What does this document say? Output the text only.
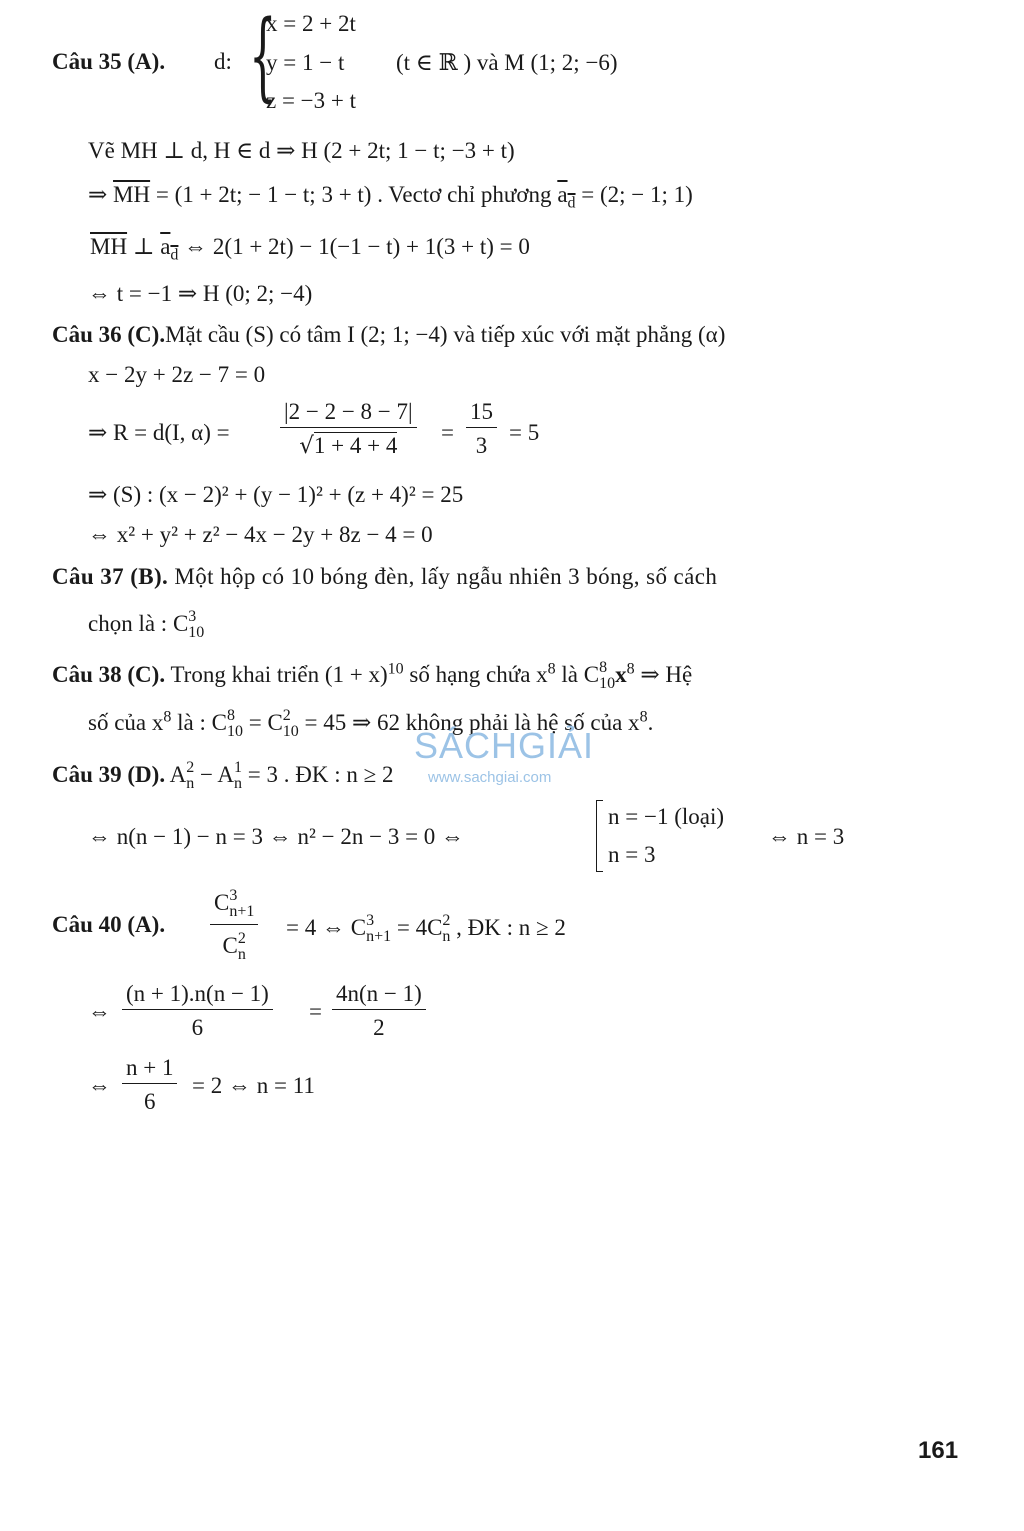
{
x = 2 + 2t
Câu 35 (A). d: y = 1 − t (t ∈ ℝ ) và M (1; 2; −6)
z = −3 + t
Vẽ MH ⊥ d, H ∈ d ⇒ H (2 + 2t; 1 − t; −3 + t)
⇒ $\overline{MH} = (1 + 2t$; − 1 − t; 3 + t) . Vectơ chỉ phương $a_d = (2$; − 1; 1)
$\overline{MH}$ ⊥ $a_d$ ⇔ 2(1 + 2t) − 1(−1 − t) + 1(3 + t) = 0
⇔ t = −1 ⇒ H (0; 2; −4)
Câu 36 (C).Mặt cầu (S) có tâm I (2; 1; −4) và tiếp xúc với mặt phẳng (α)
x − 2y + 2z − 7 = 0
⇒ R = d(I, $\alpha) = \frac{|2 - 2 - 8 - 7|}{√1 + 4 + 4} = \frac{15}{3} = 5$
⇒ (S) : (x − 2)² + (y − 1)² + (z + 4)² = 25
⇔ x² + y² + z² − 4x − 2y + 8z − 4 = 0
Câu 37 (B). Một hộp có 10 bóng đèn, lấy ngẫu nhiên 3 bóng, số cách
chọn là : C 3
10
Câu 38 (C). Trong khai triển $(1 + x)^{10}$ số hạng chứa $x^8$ là C 8
10 $x^8$ ⇒ Hệ
số của $x^8$ là : C 8
10 = C 2
10 = 45 ⇒ 62 không phải là hệ số của $x^8$.
SÁCHGIẢI
www.sachgiai.com
Câu 39 (D). A 2
n − A 1
n = 3 . ĐK : n ≥ 2
⇔ n(n − 1) − n = 3 ⇔ n² − 2n − 3 = 0 ⇔
n = −1 (loại)
n = 3
⇔ n = 3
Câu 40 (A). C 3
n+1
C 2
n = 4 ⇔ C 3
n+1 = 4C 2
n , ĐK : n ≥ 2
⇔ $\frac{(n + 1).n(n - 1)}{6} = \frac{4n(n - 1)}{2}$
⇔ $\frac{n + 1}{6} = 2$ ⇔ n = 11
161
